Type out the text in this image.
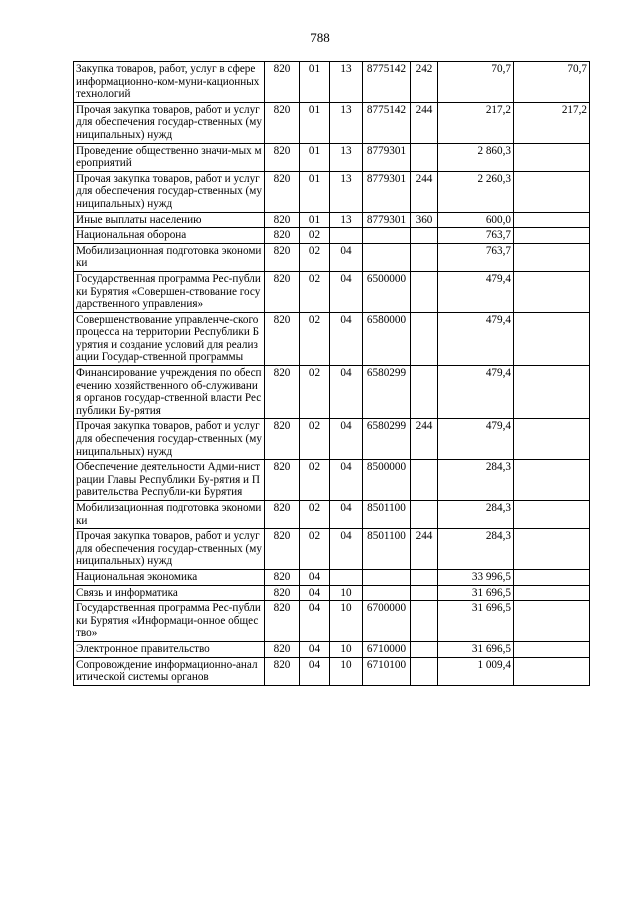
788
Закупка товаров, работ, услуг в сфере информационно-ком-муни-кационных технологий	820	01	13	8775142	242	70,7	70,7
Прочая закупка товаров, работ и услуг для обеспечения государ-ственных (муниципальных) нужд	820	01	13	8775142	244	217,2	217,2
Проведение общественно значи-мых мероприятий	820	01	13	8779301		2 860,3	
Прочая закупка товаров, работ и услуг для обеспечения государ-ственных (муниципальных) нужд	820	01	13	8779301	244	2 260,3	
Иные выплаты населению	820	01	13	8779301	360	600,0	
Национальная оборона	820	02				763,7	
Мобилизационная подготовка экономики	820	02	04			763,7	
Государственная программа Рес-публики Бурятия «Совершен-ствование государственного управления»	820	02	04	6500000		479,4	
Совершенствование управленче-ского процесса на территории Республики Бурятия и создание условий для реализации Государ-ственной программы	820	02	04	6580000		479,4	
Финансирование учреждения по обеспечению хозяйственного об-служивания органов государ-ственной власти Республики Бу-рятия	820	02	04	6580299		479,4	
Прочая закупка товаров, работ и услуг для обеспечения государ-ственных (муниципальных) нужд	820	02	04	6580299	244	479,4	
Обеспечение деятельности Адми-нистрации Главы Республики Бу-рятия и Правительства Республи-ки Бурятия	820	02	04	8500000		284,3	
Мобилизационная подготовка экономики	820	02	04	8501100		284,3	
Прочая закупка товаров, работ и услуг для обеспечения государ-ственных (муниципальных) нужд	820	02	04	8501100	244	284,3	
Национальная экономика	820	04				33 996,5	
Связь и информатика	820	04	10			31 696,5	
Государственная программа Рес-публики Бурятия «Информаци-онное общество»	820	04	10	6700000		31 696,5	
Электронное правительство	820	04	10	6710000		31 696,5	
Сопровождение информационно-аналитической системы органов	820	04	10	6710100		1 009,4	
